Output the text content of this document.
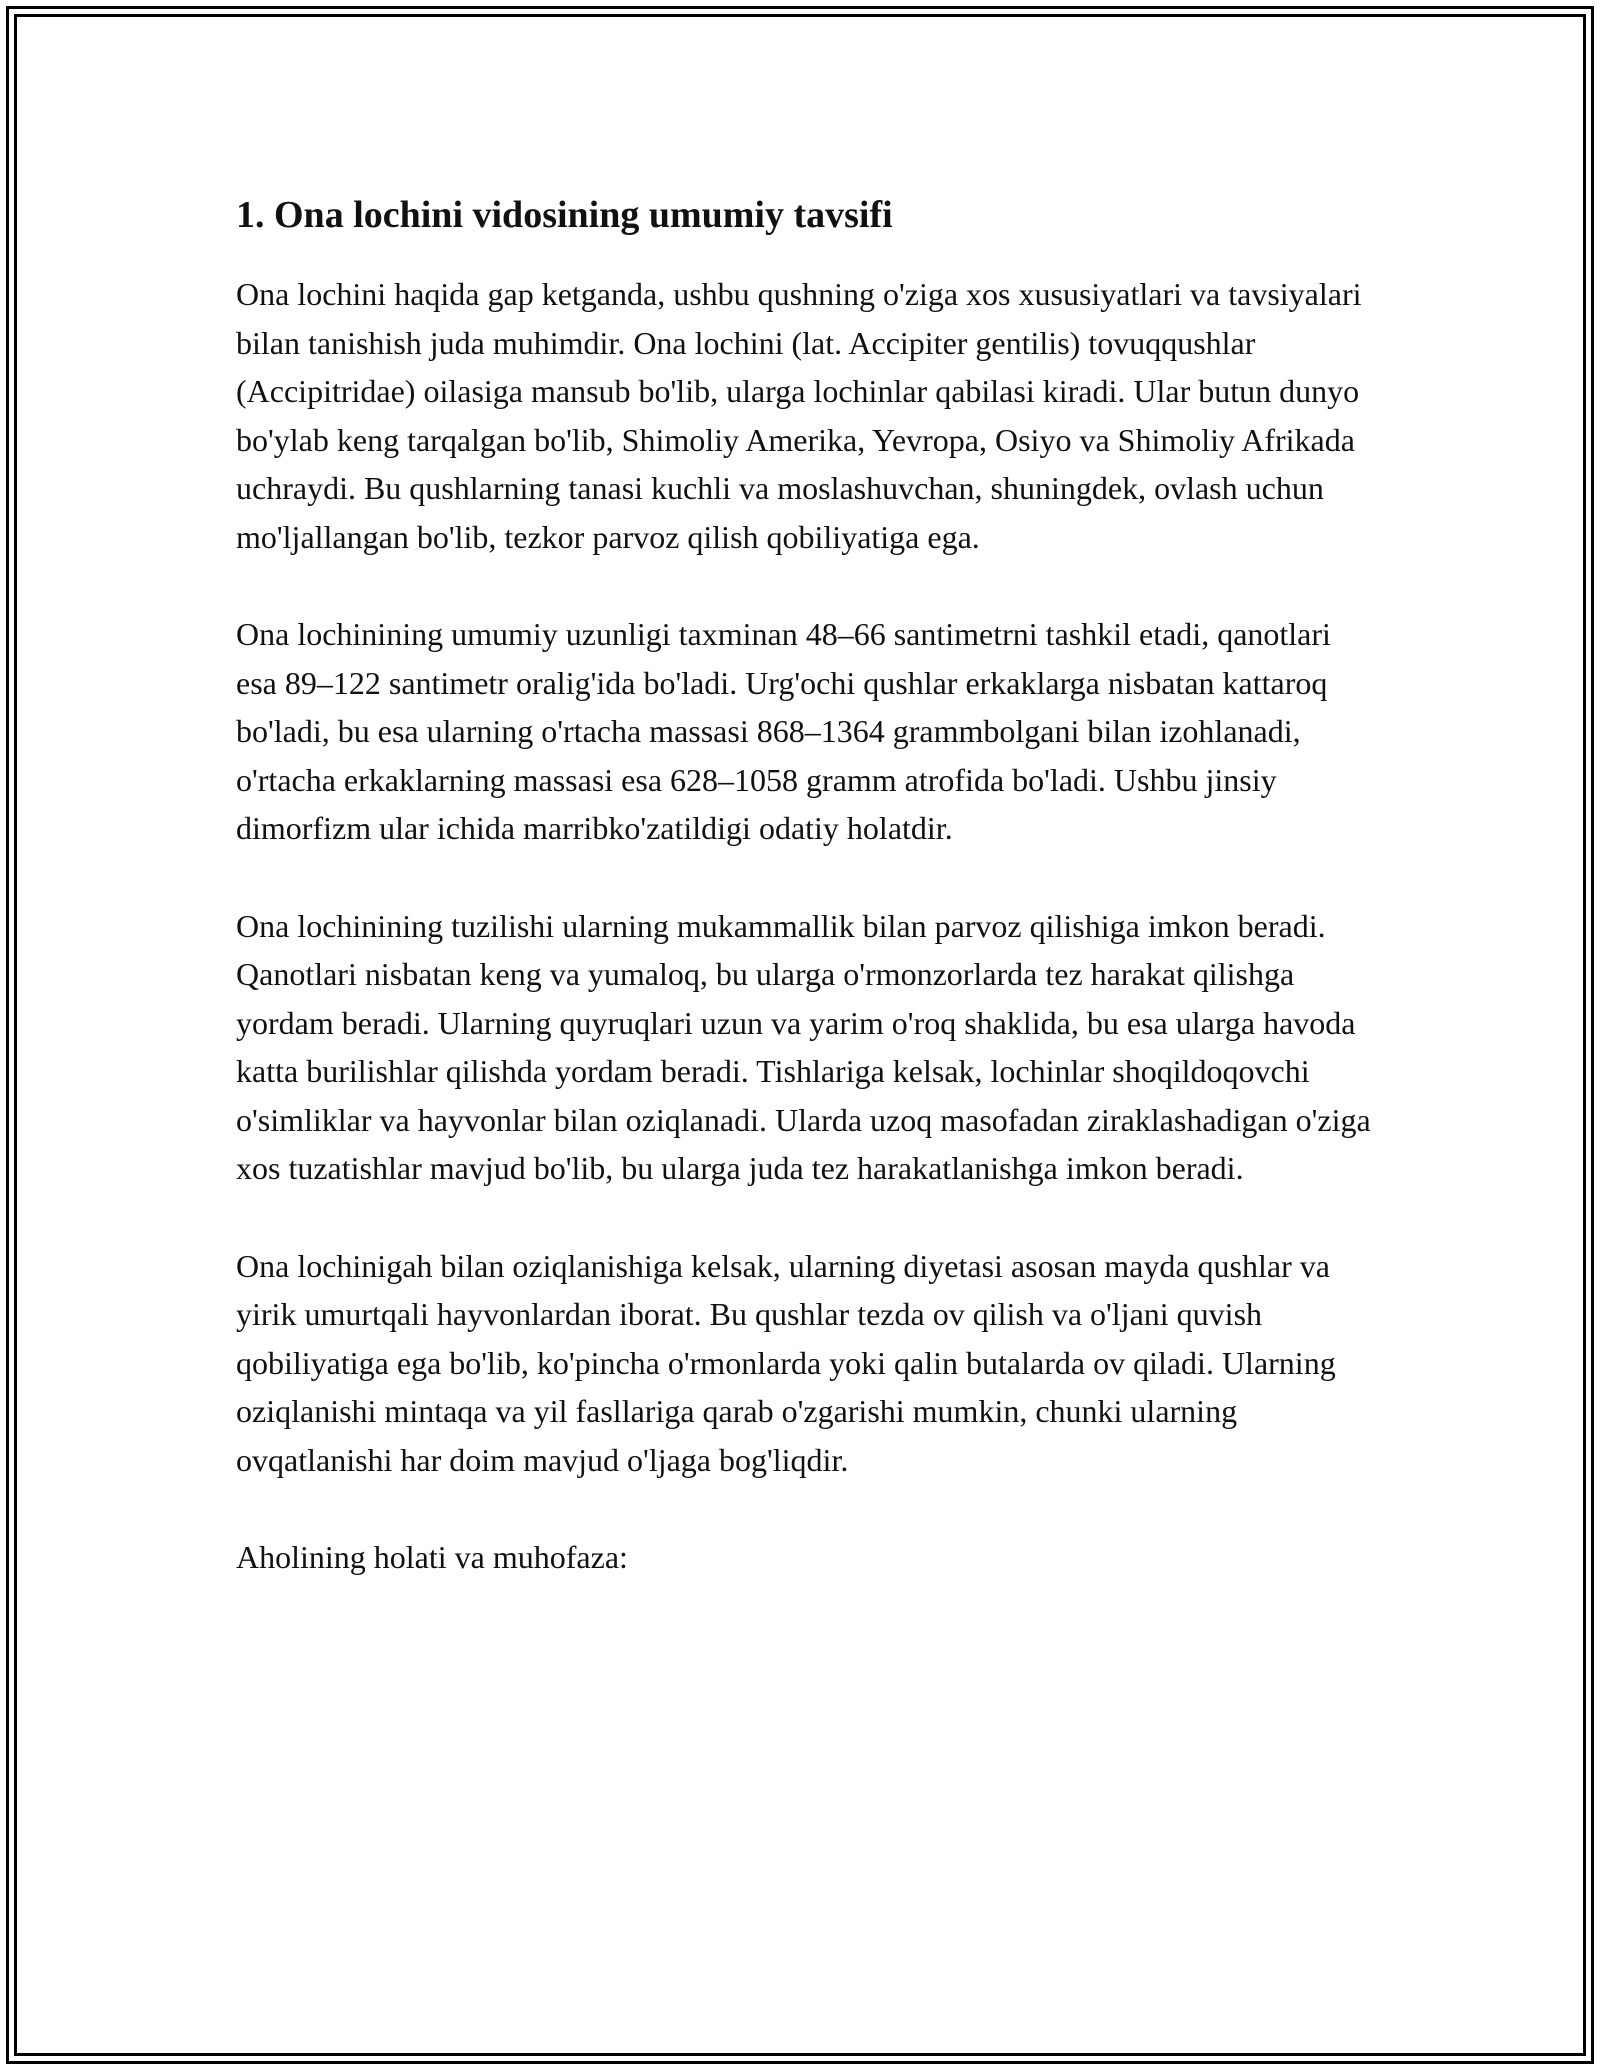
1. Ona lochini vidosining umumiy tavsifi

Ona lochini haqida gap ketganda, ushbu qushning o'ziga xos xususiyatlari va tavsiyalari bilan tanishish juda muhimdir. Ona lochini (lat. Accipiter gentilis) tovuqqushlar (Accipitridae) oilasiga mansub bo'lib, ularga lochinlar qabilasi kiradi. Ular butun dunyo bo'ylab keng tarqalgan bo'lib, Shimoliy Amerika, Yevropa, Osiyo va Shimoliy Afrikada uchraydi. Bu qushlarning tanasi kuchli va moslashuvchan, shuningdek, ovlash uchun mo'ljallangan bo'lib, tezkor parvoz qilish qobiliyatiga ega.

Ona lochinining umumiy uzunligi taxminan 48–66 santimetrni tashkil etadi, qanotlari esa 89–122 santimetr oralig'ida bo'ladi. Urg'ochi qushlar erkaklarga nisbatan kattaroq bo'ladi, bu esa ularning o'rtacha massasi 868–1364 grammbolgani bilan izohlanadi, o'rtacha erkaklarning massasi esa 628–1058 gramm atrofida bo'ladi. Ushbu jinsiy dimorfizm ular ichida marribko'zatildigi odatiy holatdir.

Ona lochinining tuzilishi ularning mukammallik bilan parvoz qilishiga imkon beradi. Qanotlari nisbatan keng va yumaloq, bu ularga o'rmonzorlarda tez harakat qilishga yordam beradi. Ularning quyruqlari uzun va yarim o'roq shaklida, bu esa ularga havoda katta burilishlar qilishda yordam beradi. Tishlariga kelsak, lochinlar shoqildoqovchi o'simliklar va hayvonlar bilan oziqlanadi. Ularda uzoq masofadan ziraklashadigan o'ziga xos tuzatishlar mavjud bo'lib, bu ularga juda tez harakatlanishga imkon beradi.

Ona lochinigah bilan oziqlanishiga kelsak, ularning diyetasi asosan mayda qushlar va yirik umurtqali hayvonlardan iborat. Bu qushlar tezda ov qilish va o'ljani quvish qobiliyatiga ega bo'lib, ko'pincha o'rmonlarda yoki qalin butalarda ov qiladi. Ularning oziqlanishi mintaqa va yil fasllariga qarab o'zgarishi mumkin, chunki ularning ovqatlanishi har doim mavjud o'ljaga bog'liqdir.

Aholining holati va muhofaza:
